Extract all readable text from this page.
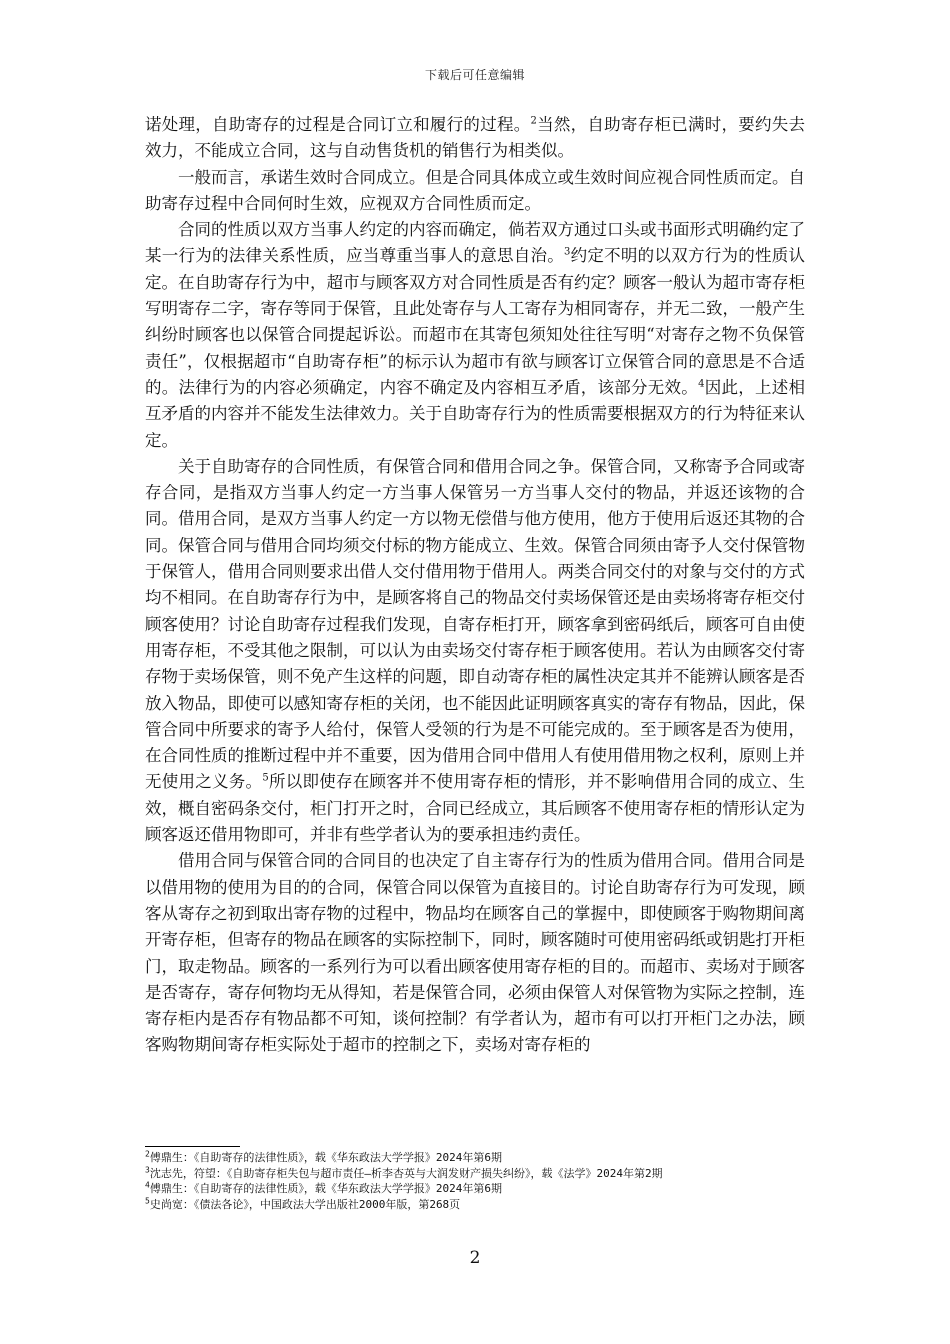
下载后可任意编辑

诺处理，自助寄存的过程是合同订立和履行的过程。$^2$当然，自助寄存柜已满时，要约失去效力，不能成立合同，这与自动售货机的销售行为相类似。

一般而言，承诺生效时合同成立。但是合同具体成立或生效时间应视合同性质而定。自助寄存过程中合同何时生效，应视双方合同性质而定。

合同的性质以双方当事人约定的内容而确定，倘若双方通过口头或书面形式明确约定了某一行为的法律关系性质，应当尊重当事人的意思自治。$^3$约定不明的以双方行为的性质认定。在自助寄存行为中，超市与顾客双方对合同性质是否有约定？顾客一般认为超市寄存柜写明寄存二字，寄存等同于保管，且此处寄存与人工寄存为相同寄存，并无二致，一般产生纠纷时顾客也以保管合同提起诉讼。而超市在其寄包须知处往往写明“对寄存之物不负保管责任”，仅根据超市“自助寄存柜”的标示认为超市有欲与顾客订立保管合同的意思是不合适的。法律行为的内容必须确定，内容不确定及内容相互矛盾，该部分无效。$^4$因此，上述相互矛盾的内容并不能发生法律效力。关于自助寄存行为的性质需要根据双方的行为特征来认定。

关于自助寄存的合同性质，有保管合同和借用合同之争。保管合同，又称寄予合同或寄存合同，是指双方当事人约定一方当事人保管另一方当事人交付的物品，并返还该物的合同。借用合同，是双方当事人约定一方以物无偿借与他方使用，他方于使用后返还其物的合同。保管合同与借用合同均须交付标的物方能成立、生效。保管合同须由寄予人交付保管物于保管人，借用合同则要求出借人交付借用物于借用人。两类合同交付的对象与交付的方式均不相同。在自助寄存行为中，是顾客将自己的物品交付卖场保管还是由卖场将寄存柜交付顾客使用？讨论自助寄存过程我们发现，自寄存柜打开，顾客拿到密码纸后，顾客可自由使用寄存柜，不受其他之限制，可以认为由卖场交付寄存柜于顾客使用。若认为由顾客交付寄存物于卖场保管，则不免产生这样的问题，即自动寄存柜的属性决定其并不能辨认顾客是否放入物品，即使可以感知寄存柜的关闭，也不能因此证明顾客真实的寄存有物品，因此，保管合同中所要求的寄予人给付，保管人受领的行为是不可能完成的。至于顾客是否为使用，在合同性质的推断过程中并不重要，因为借用合同中借用人有使用借用物之权利，原则上并无使用之义务。$^5$所以即使存在顾客并不使用寄存柜的情形，并不影响借用合同的成立、生效，概自密码条交付，柜门打开之时，合同已经成立，其后顾客不使用寄存柜的情形认定为顾客返还借用物即可，并非有些学者认为的要承担违约责任。

借用合同与保管合同的合同目的也决定了自主寄存行为的性质为借用合同。借用合同是以借用物的使用为目的的合同，保管合同以保管为直接目的。讨论自助寄存行为可发现，顾客从寄存之初到取出寄存物的过程中，物品均在顾客自己的掌握中，即使顾客于购物期间离开寄存柜，但寄存的物品在顾客的实际控制下，同时，顾客随时可使用密码纸或钥匙打开柜门，取走物品。顾客的一系列行为可以看出顾客使用寄存柜的目的。而超市、卖场对于顾客是否寄存，寄存何物均无从得知，若是保管合同，必须由保管人对保管物为实际之控制，连寄存柜内是否存有物品都不可知，谈何控制？有学者认为，超市有可以打开柜门之办法，顾客购物期间寄存柜实际处于超市的控制之下，卖场对寄存柜的

$^2$傅鼎生：《自助寄存的法律性质》，载《华东政法大学学报》2024年第6期
$^3$沈志先，符望：《自助寄存柜失包与超市责任—析李杏英与大润发财产损失纠纷》，载《法学》2024年第2期
$^4$傅鼎生：《自助寄存的法律性质》，载《华东政法大学学报》2024年第6期
$^5$史尚宽：《债法各论》，中国政法大学出版社2000年版，第268页
2
